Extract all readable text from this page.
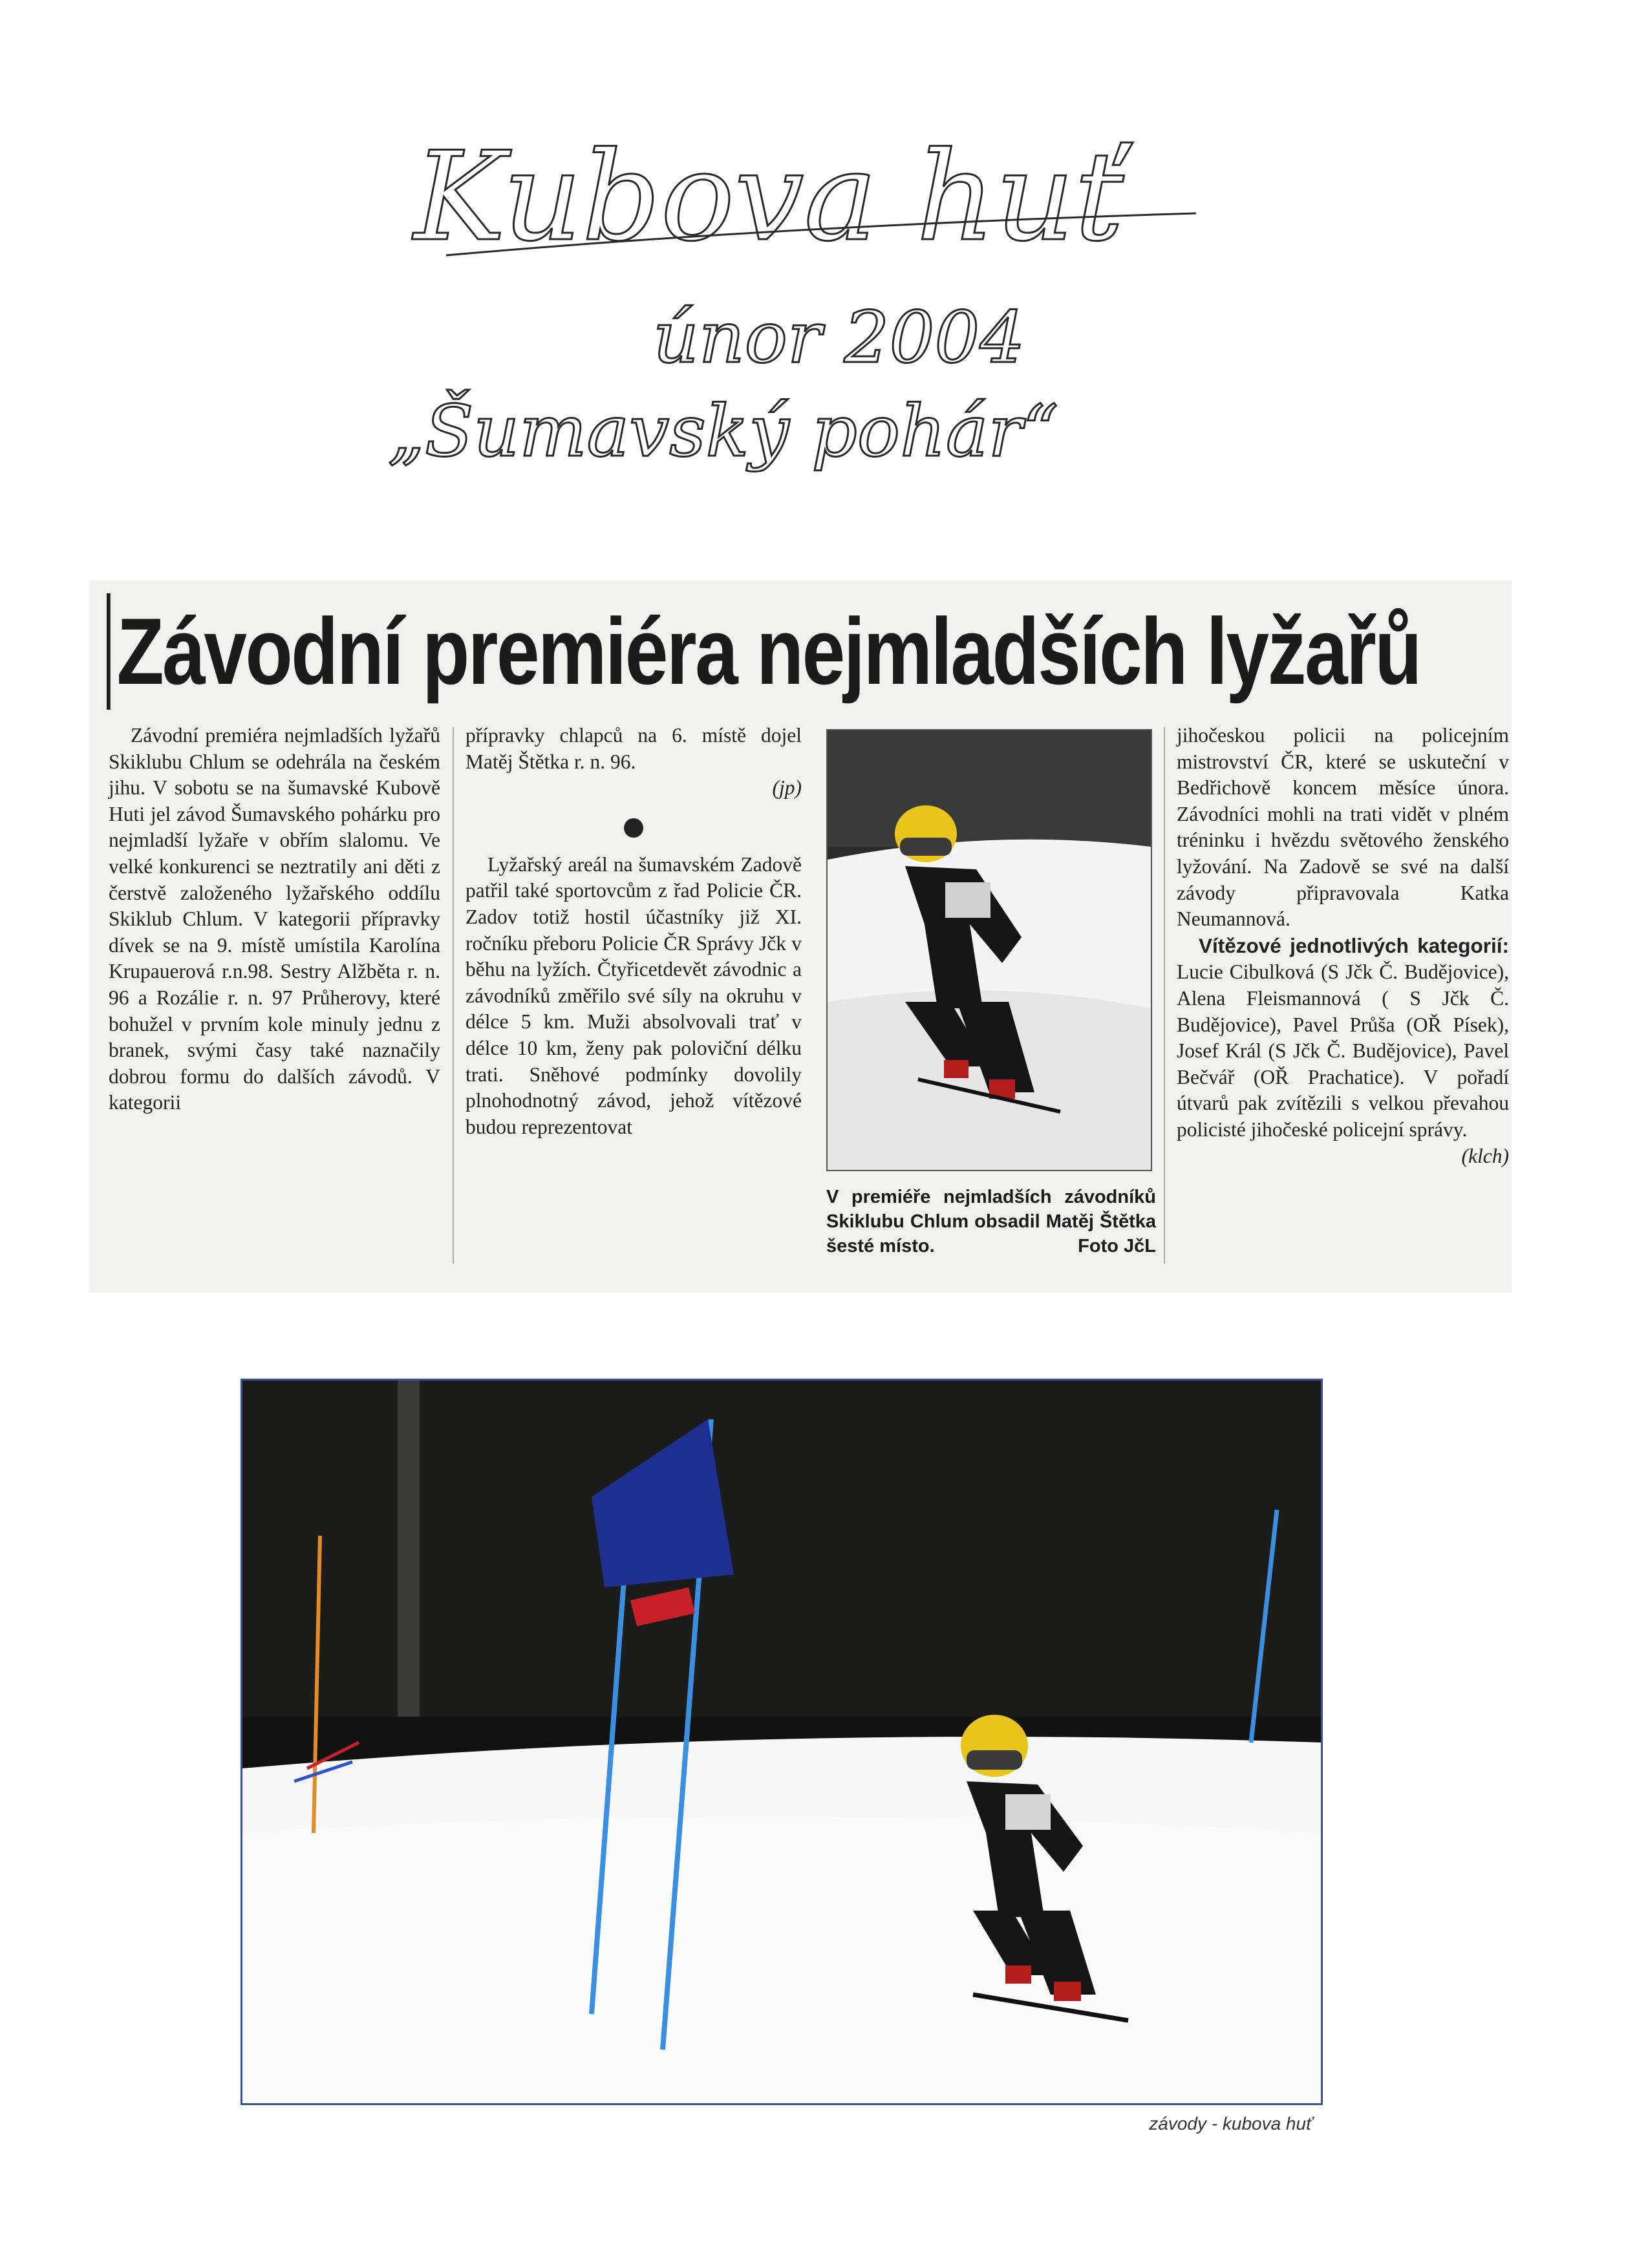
Kubova huť
únor 2004
„Šumavský pohár“
Závodní premiéra nejmladších lyžařů

Závodní premiéra nejmladších lyžařů Skiklubu Chlum se odehrála na českém jihu. V sobotu se na šumavské Kubově Huti jel závod Šumavského pohárku pro nejmladší lyžaře v obřím slalomu. Ve velké konkurenci se neztratily ani děti z čerstvě založeného lyžařského oddílu Skiklub Chlum. V kategorii přípravky dívek se na 9. místě umístila Karolína Krupauerová r.n.98. Sestry Alžběta r. n. 96 a Rozálie r. n. 97 Průherovy, které bohužel v prvním kole minuly jednu z branek, svými časy také naznačily dobrou formu do dalších závodů. V kategorii

přípravky chlapců na 6. místě dojel Matěj Štětka r. n. 96.

(jp)

Lyžařský areál na šumavském Zadově patřil také sportovcům z řad Policie ČR. Zadov totiž hostil účastníky již XI. ročníku přeboru Policie ČR Správy Jčk v běhu na lyžích. Čtyřicetdevět závodnic a závodníků změřilo své síly na okruhu v délce 5 km. Muži absolvovali trať v délce 10 km, ženy pak poloviční délku trati. Sněhové podmínky dovolily plnohodnotný závod, jehož vítězové budou reprezentovat

V premiéře nejmladších závodníků Skiklubu Chlum obsadil Matěj Štětka šesté místo.	Foto JčL

jihočeskou policii na policejním mistrovství ČR, které se uskuteční v Bedřichově koncem měsíce února. Závodníci mohli na trati vidět v plném tréninku i hvězdu světového ženského lyžování. Na Zadově se své na další závody připravovala Katka Neumannová.

Vítězové jednotlivých kategorií: Lucie Cibulková (S Jčk Č. Budějovice), Alena Fleismannová ( S Jčk Č. Budějovice), Pavel Průša (OŘ Písek), Josef Král (S Jčk Č. Budějovice), Pavel Bečvář (OŘ Prachatice). V pořadí útvarů pak zvítězili s velkou převahou policisté jihočeské policejní správy.

(klch)

závody - kubova huť
